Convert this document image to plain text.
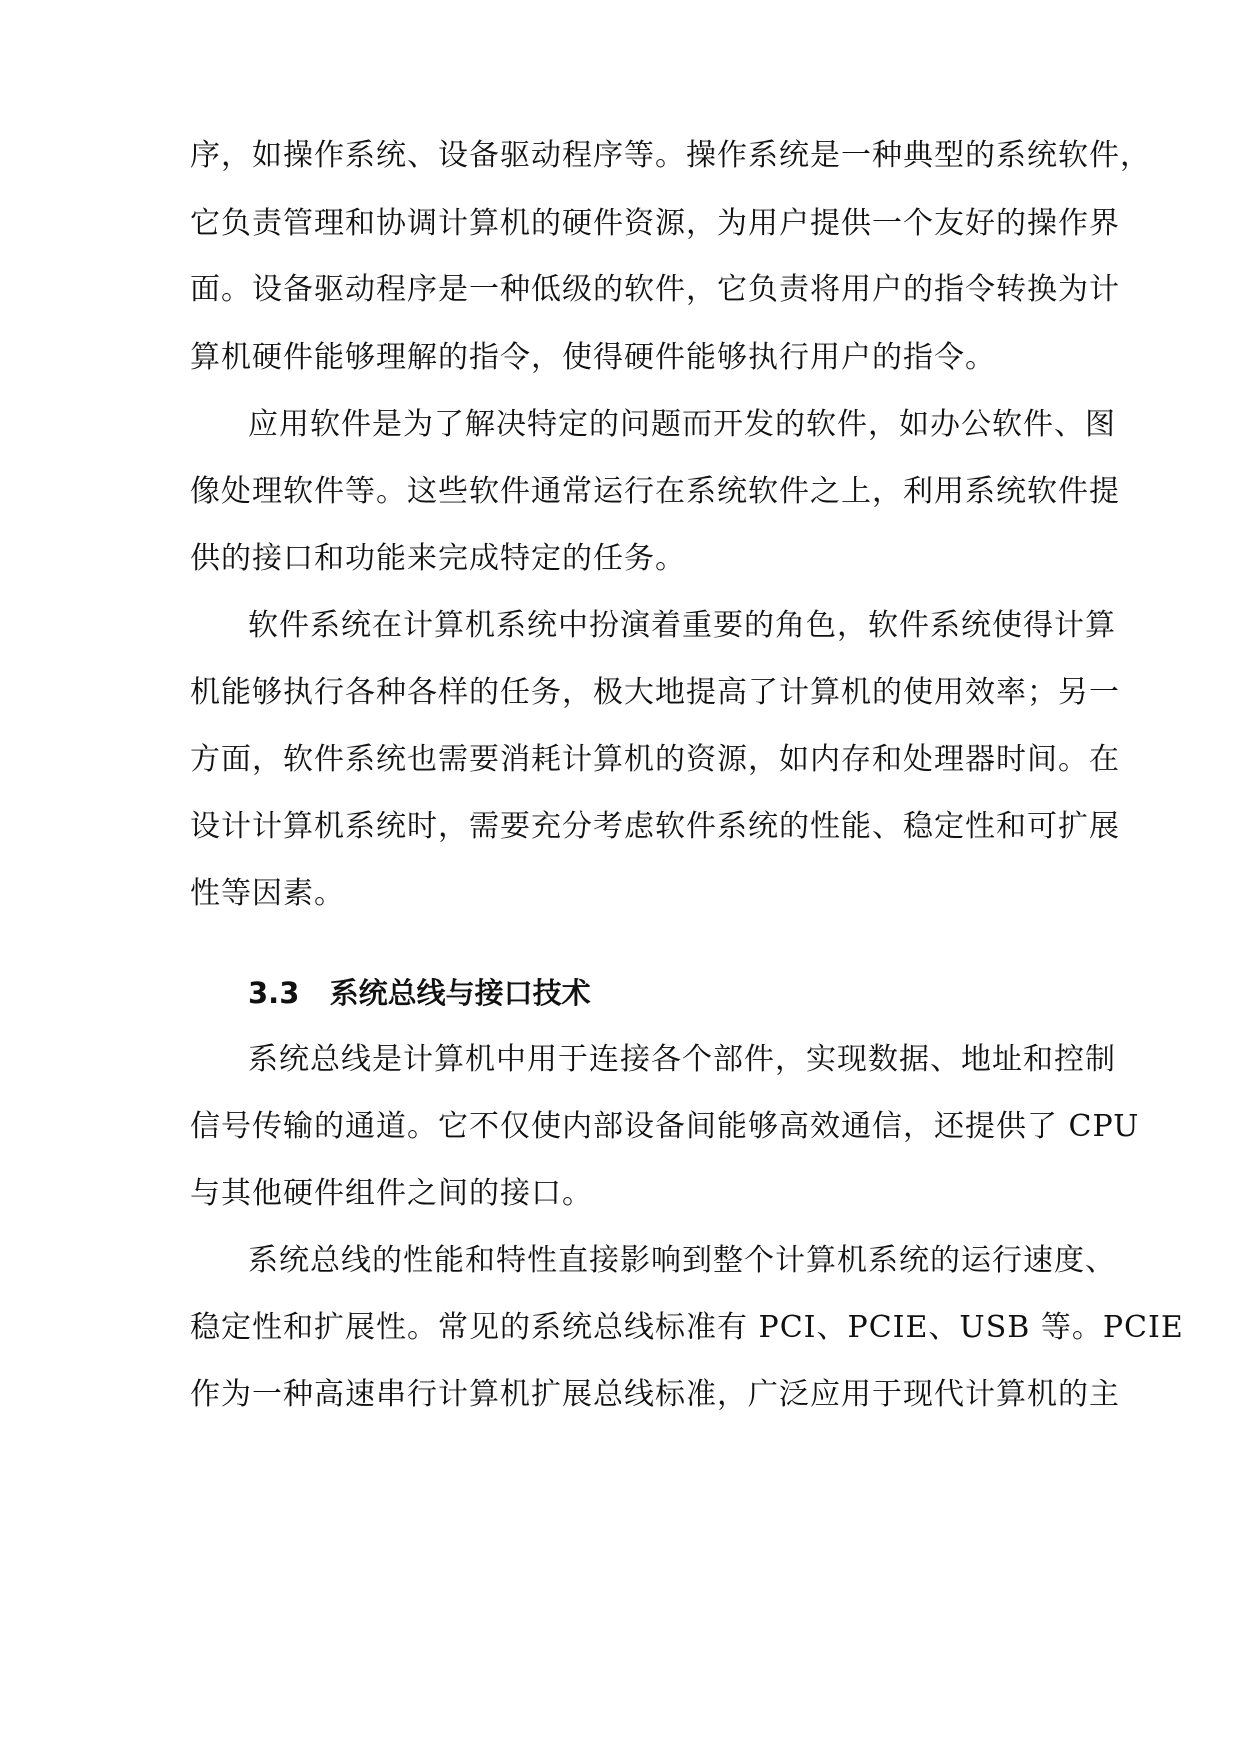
序，如操作系统、设备驱动程序等。操作系统是一种典型的系统软件，
它负责管理和协调计算机的硬件资源，为用户提供一个友好的操作界
面。设备驱动程序是一种低级的软件，它负责将用户的指令转换为计
算机硬件能够理解的指令，使得硬件能够执行用户的指令。
应用软件是为了解决特定的问题而开发的软件，如办公软件、图
像处理软件等。这些软件通常运行在系统软件之上，利用系统软件提
供的接口和功能来完成特定的任务。
软件系统在计算机系统中扮演着重要的角色，软件系统使得计算
机能够执行各种各样的任务，极大地提高了计算机的使用效率；另一
方面，软件系统也需要消耗计算机的资源，如内存和处理器时间。在
设计计算机系统时，需要充分考虑软件系统的性能、稳定性和可扩展
性等因素。
3.3 系统总线与接口技术
系统总线是计算机中用于连接各个部件，实现数据、地址和控制
信号传输的通道。它不仅使内部设备间能够高效通信，还提供了 CPU
与其他硬件组件之间的接口。
系统总线的性能和特性直接影响到整个计算机系统的运行速度、
稳定性和扩展性。常见的系统总线标准有 PCI、PCIE、USB 等。PCIE
作为一种高速串行计算机扩展总线标准，广泛应用于现代计算机的主
